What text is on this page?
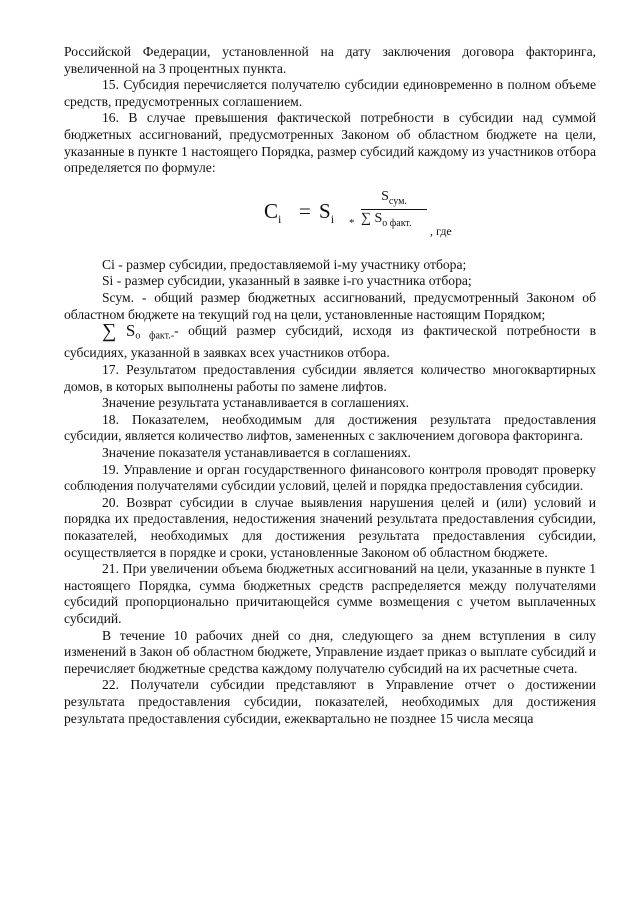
Российской Федерации, установленной на дату заключения договора факторинга, увеличенной на 3 процентных пункта.

15. Субсидия перечисляется получателю субсидии единовременно в полном объеме средств, предусмотренных соглашением.

16. В случае превышения фактической потребности в субсидии над суммой бюджетных ассигнований, предусмотренных Законом об областном бюджете на цели, указанные в пункте 1 настоящего Порядка, размер субсидий каждому из участников отбора определяется по формуле:

$C_i = S_i$ *
$S_{сум.}$
∑ $S_{о факт.}$
, где

Ci - размер субсидии, предоставляемой i-му участнику отбора;

Si - размер субсидии, указанный в заявке i-го участника отбора;

Sсум. - общий размер бюджетных ассигнований, предусмотренный Законом об областном бюджете на текущий год на цели, установленные настоящим Порядком;

∑ $S_{о факт.-}-$ общий размер субсидий, исходя из фактической потребности в субсидиях, указанной в заявках всех участников отбора.

17. Результатом предоставления субсидии является количество многоквартирных домов, в которых выполнены работы по замене лифтов.

Значение результата устанавливается в соглашениях.

18. Показателем, необходимым для достижения результата предоставления субсидии, является количество лифтов, замененных с заключением договора факторинга.

Значение показателя устанавливается в соглашениях.

19. Управление и орган государственного финансового контроля проводят проверку соблюдения получателями субсидии условий, целей и порядка предоставления субсидии.

20. Возврат субсидии в случае выявления нарушения целей и (или) условий и порядка их предоставления, недостижения значений результата предоставления субсидии, показателей, необходимых для достижения результата предоставления субсидии, осуществляется в порядке и сроки, установленные Законом об областном бюджете.

21. При увеличении объема бюджетных ассигнований на цели, указанные в пункте 1 настоящего Порядка, сумма бюджетных средств распределяется между получателями субсидий пропорционально причитающейся сумме возмещения с учетом выплаченных субсидий.

В течение 10 рабочих дней со дня, следующего за днем вступления в силу изменений в Закон об областном бюджете, Управление издает приказ о выплате субсидий и перечисляет бюджетные средства каждому получателю субсидий на их расчетные счета.

22. Получатели субсидии представляют в Управление отчет о достижении результата предоставления субсидии, показателей, необходимых для достижения результата предоставления субсидии, ежеквартально не позднее 15 числа месяца
